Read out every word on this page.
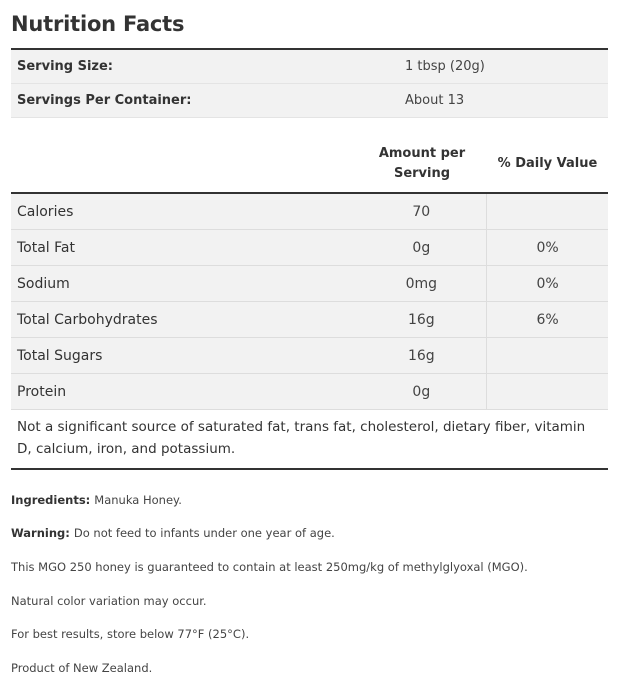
Nutrition Facts
Serving Size:	1 tbsp (20g)
Servings Per Container:	About 13
Amount per
Serving
% Daily Value
Calories	70
Total Fat	0g	0%
Sodium	0mg	0%
Total Carbohydrates	16g	6%
Total Sugars	16g
Protein	0g
Not a significant source of saturated fat, trans fat, cholesterol, dietary fiber, vitamin D, calcium, iron, and potassium.
Ingredients: Manuka Honey.
Warning: Do not feed to infants under one year of age.
This MGO 250 honey is guaranteed to contain at least 250mg/kg of methylglyoxal (MGO).
Natural color variation may occur.
For best results, store below 77°F (25°C).
Product of New Zealand.
